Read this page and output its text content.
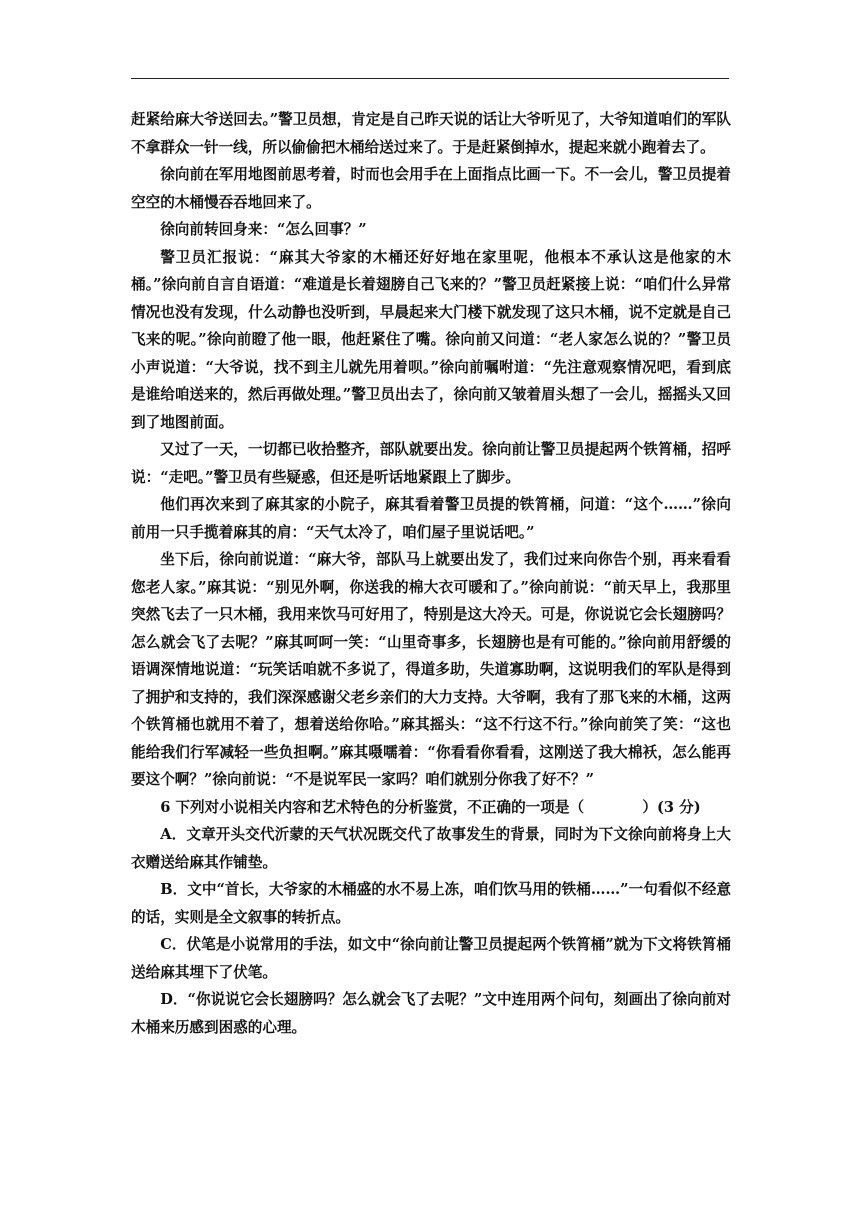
赶紧给麻大爷送回去。”警卫员想，肯定是自己昨天说的话让大爷听见了，大爷知道咱们的军队不拿群众一针一线，所以偷偷把木桶给送过来了。于是赶紧倒掉水，提起来就小跑着去了。

徐向前在军用地图前思考着，时而也会用手在上面指点比画一下。不一会儿，警卫员提着空空的木桶慢吞吞地回来了。

徐向前转回身来：“怎么回事？”

警卫员汇报说：“麻其大爷家的木桶还好好地在家里呢，他根本不承认这是他家的木桶。”徐向前自言自语道：“难道是长着翅膀自己飞来的？”警卫员赶紧接上说：“咱们什么异常情况也没有发现，什么动静也没听到，早晨起来大门楼下就发现了这只木桶，说不定就是自己飞来的呢。”徐向前瞪了他一眼，他赶紧住了嘴。徐向前又问道：“老人家怎么说的？”警卫员小声说道：“大爷说，找不到主儿就先用着呗。”徐向前嘱咐道：“先注意观察情况吧，看到底是谁给咱送来的，然后再做处理。”警卫员出去了，徐向前又皱着眉头想了一会儿，摇摇头又回到了地图前面。

又过了一天，一切都已收拾整齐，部队就要出发。徐向前让警卫员提起两个铁筲桶，招呼说：“走吧。”警卫员有些疑惑，但还是听话地紧跟上了脚步。

他们再次来到了麻其家的小院子，麻其看着警卫员提的铁筲桶，问道：“这个……”徐向前用一只手揽着麻其的肩：“天气太冷了，咱们屋子里说话吧。”

坐下后，徐向前说道：“麻大爷，部队马上就要出发了，我们过来向你告个别，再来看看您老人家。”麻其说：“别见外啊，你送我的棉大衣可暖和了。”徐向前说：“前天早上，我那里突然飞去了一只木桶，我用来饮马可好用了，特别是这大冷天。可是，你说说它会长翅膀吗？怎么就会飞了去呢？”麻其呵呵一笑：“山里奇事多，长翅膀也是有可能的。”徐向前用舒缓的语调深情地说道：“玩笑话咱就不多说了，得道多助，失道寡助啊，这说明我们的军队是得到了拥护和支持的，我们深深感谢父老乡亲们的大力支持。大爷啊，我有了那飞来的木桶，这两个铁筲桶也就用不着了，想着送给你哈。”麻其摇头：“这不行这不行。”徐向前笑了笑：“这也能给我们行军减轻一些负担啊。”麻其嗫嚅着：“你看看你看看，这刚送了我大棉袄，怎么能再要这个啊？”徐向前说：“不是说军民一家吗？咱们就别分你我了好不？”

6 下列对小说相关内容和艺术特色的分析鉴赏，不正确的一项是（　　　　）(3 分)

A．文章开头交代沂蒙的天气状况既交代了故事发生的背景，同时为下文徐向前将身上大衣赠送给麻其作铺垫。

B．文中“首长，大爷家的木桶盛的水不易上冻，咱们饮马用的铁桶……”一句看似不经意的话，实则是全文叙事的转折点。

C．伏笔是小说常用的手法，如文中“徐向前让警卫员提起两个铁筲桶”就为下文将铁筲桶送给麻其埋下了伏笔。

D．“你说说它会长翅膀吗？怎么就会飞了去呢？”文中连用两个问句，刻画出了徐向前对木桶来历感到困惑的心理。
